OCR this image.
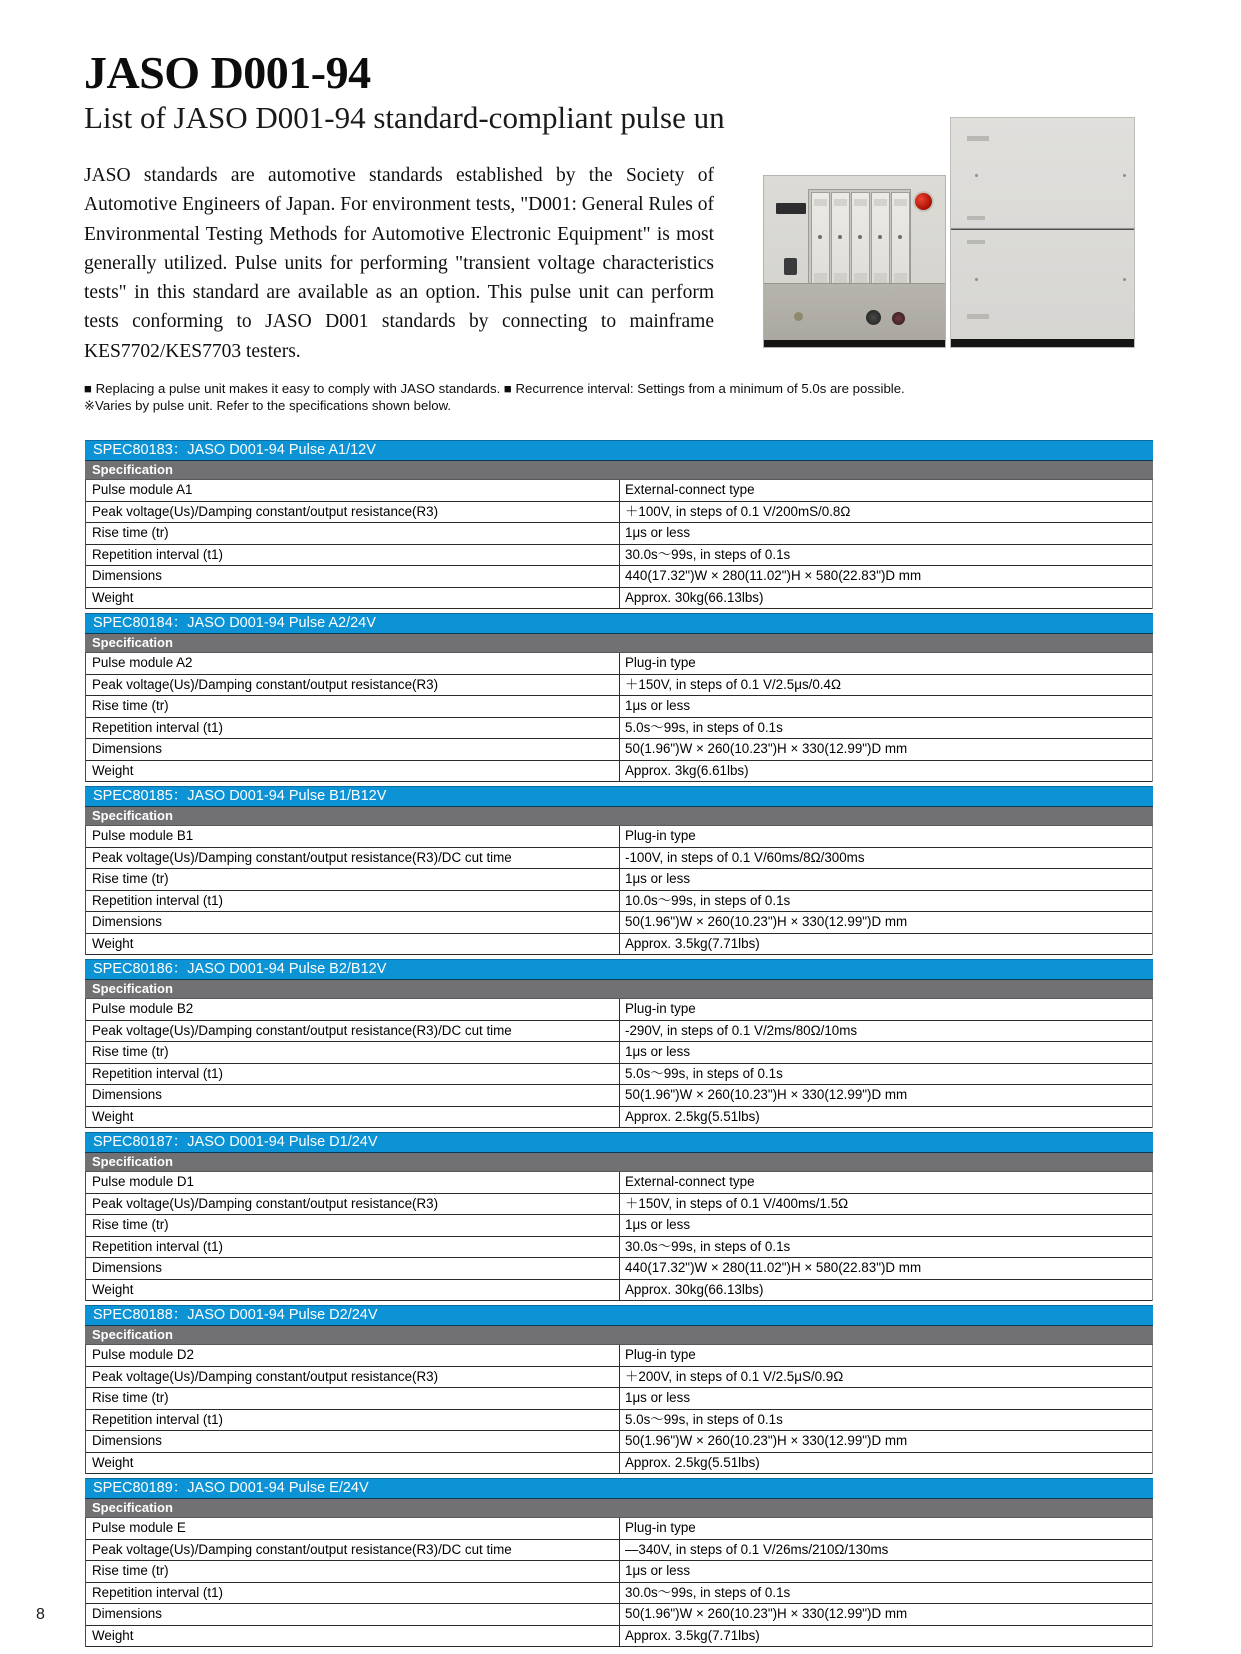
JASO D001-94
List of JASO D001-94 standard-compliant pulse un
JASO standards are automotive standards established by the Society of Automotive Engineers of Japan. For environment tests, "D001: General Rules of Environmental Testing Methods for Automotive Electronic Equipment" is most generally utilized. Pulse units for performing "transient voltage characteristics tests" in this standard are available as an option. This pulse unit can perform tests conforming to JASO D001 standards by connecting to mainframe KES7702/KES7703 testers.
■ Replacing a pulse unit makes it easy to comply with JASO standards. ■ Recurrence interval: Settings from a minimum of 5.0s are possible.
※Varies by pulse unit. Refer to the specifications shown below.
SPEC80183：JASO D001-94 Pulse A1/12V
Specification
Pulse module A1	External-connect type
Peak voltage(Us)/Damping constant/output resistance(R3)	＋100V, in steps of 0.1 V/200mS/0.8Ω
Rise time (tr)	1μs or less
Repetition interval (t1)	30.0s〜99s, in steps of 0.1s
Dimensions	440(17.32")W × 280(11.02")H × 580(22.83")D mm
Weight	Approx. 30kg(66.13lbs)
SPEC80184：JASO D001-94 Pulse A2/24V
Specification
Pulse module A2	Plug-in type
Peak voltage(Us)/Damping constant/output resistance(R3)	＋150V, in steps of 0.1 V/2.5μs/0.4Ω
Rise time (tr)	1μs or less
Repetition interval (t1)	5.0s〜99s, in steps of 0.1s
Dimensions	50(1.96")W × 260(10.23")H × 330(12.99")D mm
Weight	Approx. 3kg(6.61lbs)
SPEC80185：JASO D001-94 Pulse B1/B12V
Specification
Pulse module B1	Plug-in type
Peak voltage(Us)/Damping constant/output resistance(R3)/DC cut time	-100V, in steps of 0.1 V/60ms/8Ω/300ms
Rise time (tr)	1μs or less
Repetition interval (t1)	10.0s〜99s, in steps of 0.1s
Dimensions	50(1.96")W × 260(10.23")H × 330(12.99")D mm
Weight	Approx. 3.5kg(7.71lbs)
SPEC80186：JASO D001-94 Pulse B2/B12V
Specification
Pulse module B2	Plug-in type
Peak voltage(Us)/Damping constant/output resistance(R3)/DC cut time	-290V, in steps of 0.1 V/2ms/80Ω/10ms
Rise time (tr)	1μs or less
Repetition interval (t1)	5.0s〜99s, in steps of 0.1s
Dimensions	50(1.96")W × 260(10.23")H × 330(12.99")D mm
Weight	Approx. 2.5kg(5.51lbs)
SPEC80187：JASO D001-94 Pulse D1/24V
Specification
Pulse module D1	External-connect type
Peak voltage(Us)/Damping constant/output resistance(R3)	＋150V, in steps of 0.1 V/400ms/1.5Ω
Rise time (tr)	1μs or less
Repetition interval (t1)	30.0s〜99s, in steps of 0.1s
Dimensions	440(17.32")W × 280(11.02")H × 580(22.83")D mm
Weight	Approx. 30kg(66.13lbs)
SPEC80188：JASO D001-94 Pulse D2/24V
Specification
Pulse module D2	Plug-in type
Peak voltage(Us)/Damping constant/output resistance(R3)	＋200V, in steps of 0.1 V/2.5μS/0.9Ω
Rise time (tr)	1μs or less
Repetition interval (t1)	5.0s〜99s, in steps of 0.1s
Dimensions	50(1.96")W × 260(10.23")H × 330(12.99")D mm
Weight	Approx. 2.5kg(5.51lbs)
SPEC80189：JASO D001-94 Pulse E/24V
Specification
Pulse module E	Plug-in type
Peak voltage(Us)/Damping constant/output resistance(R3)/DC cut time	—340V, in steps of 0.1 V/26ms/210Ω/130ms
Rise time (tr)	1μs or less
Repetition interval (t1)	30.0s〜99s, in steps of 0.1s
Dimensions	50(1.96")W × 260(10.23")H × 330(12.99")D mm
Weight	Approx. 3.5kg(7.71lbs)
8
